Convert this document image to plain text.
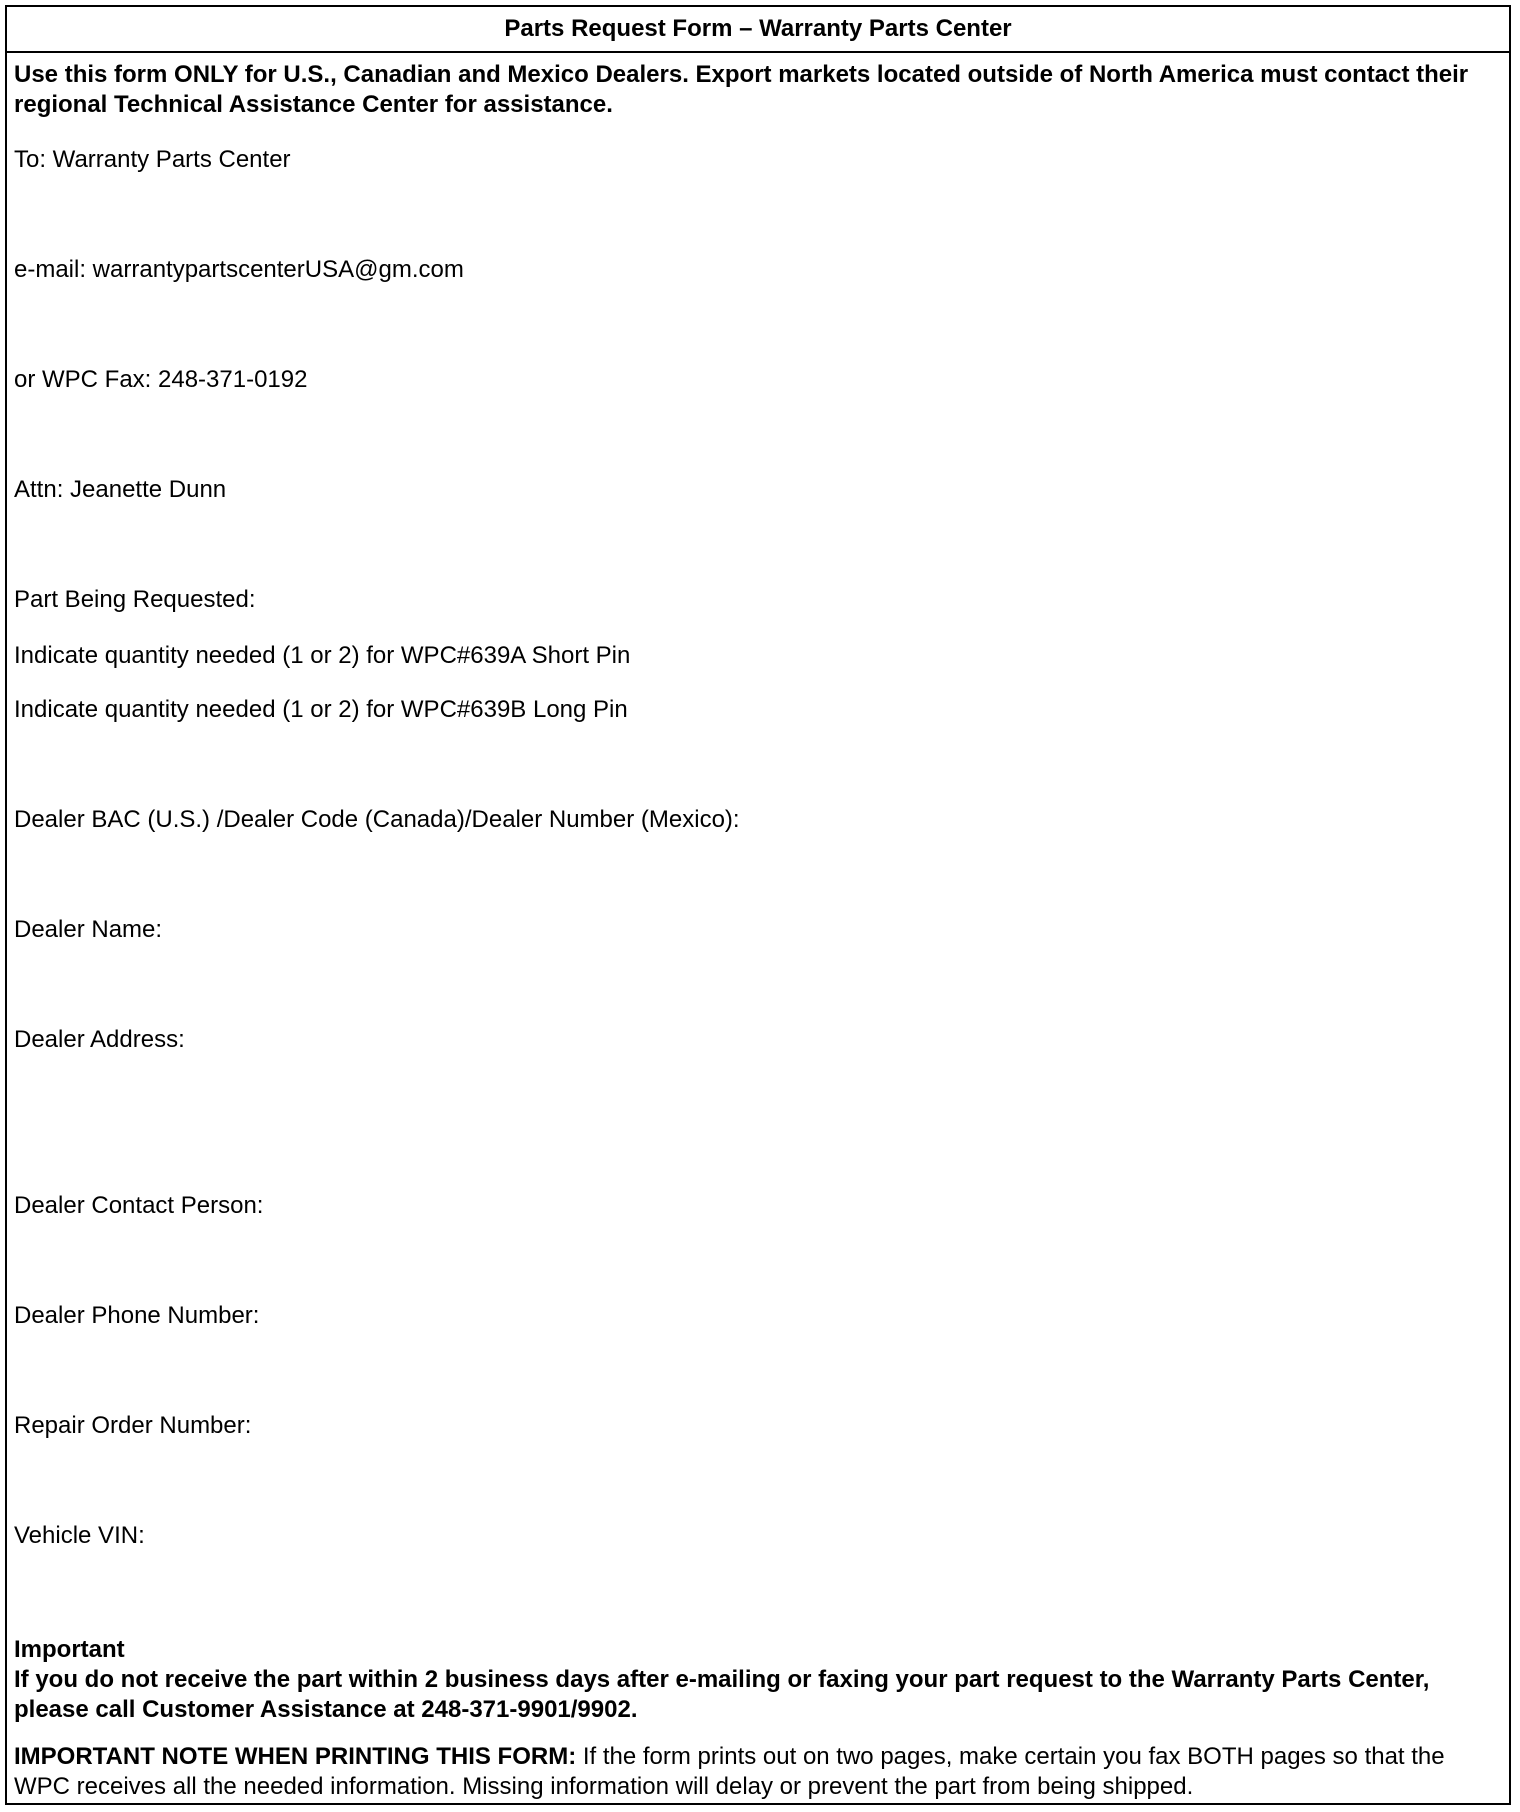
Parts Request Form – Warranty Parts Center
Use this form ONLY for U.S., Canadian and Mexico Dealers. Export markets located outside of North America must contact their regional Technical Assistance Center for assistance.
To: Warranty Parts Center
e-mail: warrantypartscenterUSA@gm.com
or WPC Fax: 248-371-0192
Attn: Jeanette Dunn
Part Being Requested:
Indicate quantity needed (1 or 2) for WPC#639A Short Pin
Indicate quantity needed (1 or 2) for WPC#639B Long Pin
Dealer BAC (U.S.) /Dealer Code (Canada)/Dealer Number (Mexico):
Dealer Name:
Dealer Address:
Dealer Contact Person:
Dealer Phone Number:
Repair Order Number:
Vehicle VIN:
Important
If you do not receive the part within 2 business days after e-mailing or faxing your part request to the Warranty Parts Center, please call Customer Assistance at 248-371-9901/9902.
IMPORTANT NOTE WHEN PRINTING THIS FORM: If the form prints out on two pages, make certain you fax BOTH pages so that the WPC receives all the needed information. Missing information will delay or prevent the part from being shipped.
